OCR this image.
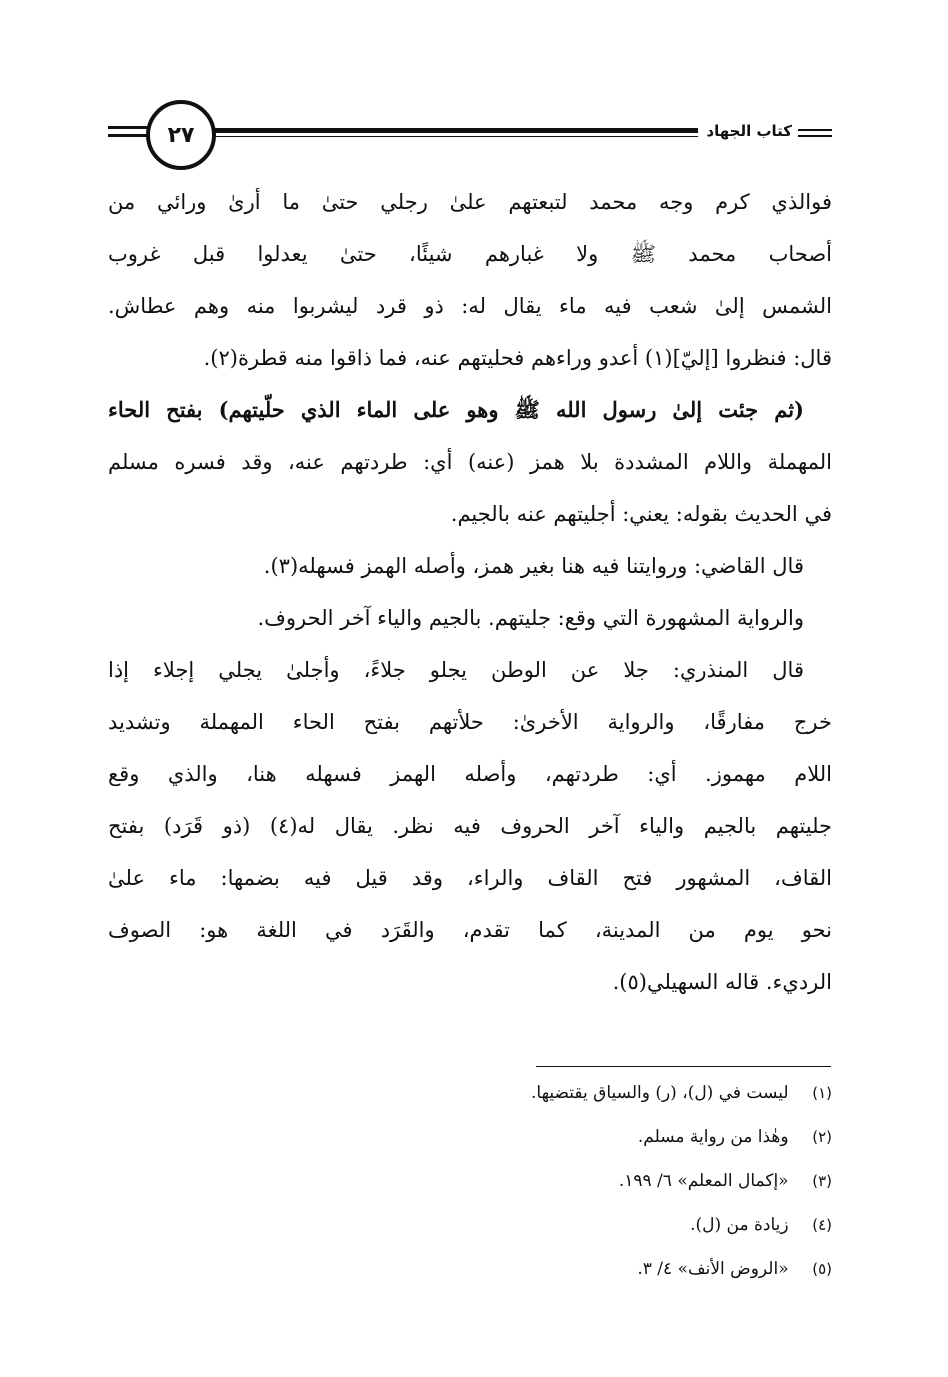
٢٧	كتاب الجهاد
فوالذي كرم وجه محمد لتبعتهم علىٰ رجلي حتىٰ ما أرىٰ ورائي من
أصحاب محمد ﷺ ولا غبارهم شيئًا، حتىٰ يعدلوا قبل غروب
الشمس إلىٰ شعب فيه ماء يقال له: ذو قرد ليشربوا منه وهم عطاش.
قال: فنظروا [إليّ](١) أعدو وراءهم فحليتهم عنه، فما ذاقوا منه قطرة(٢).
(ثم جئت إلىٰ رسول الله ﷺ وهو على الماء الذي حلّيتهم) بفتح الحاء
المهملة واللام المشددة بلا همز (عنه) أي: طردتهم عنه، وقد فسره مسلم
في الحديث بقوله: يعني: أجليتهم عنه بالجيم.
قال القاضي: وروايتنا فيه هنا بغير همز، وأصله الهمز فسهله(٣).
والرواية المشهورة التي وقع: جليتهم. بالجيم والياء آخر الحروف.
قال المنذري: جلا عن الوطن يجلو جلاءً، وأجلىٰ يجلي إجلاء إذا
خرج مفارقًا، والرواية الأخرىٰ: حلأتهم بفتح الحاء المهملة وتشديد
اللام مهموز. أي: طردتهم، وأصله الهمز فسهله هنا، والذي وقع
جليتهم بالجيم والياء آخر الحروف فيه نظر. يقال له(٤) (ذو قَرَد) بفتح
القاف، المشهور فتح القاف والراء، وقد قيل فيه بضمها: ماء علىٰ
نحو يوم من المدينة، كما تقدم، والقَرَد في اللغة هو: الصوف
الرديء. قاله السهيلي(٥).
(١) ليست في (ل)، (ر) والسياق يقتضيها.
(٢) وهٰذا من رواية مسلم.
(٣) «إكمال المعلم» ٦/ ١٩٩.
(٤) زيادة من (ل).
(٥) «الروض الأنف» ٤/ ٣.
